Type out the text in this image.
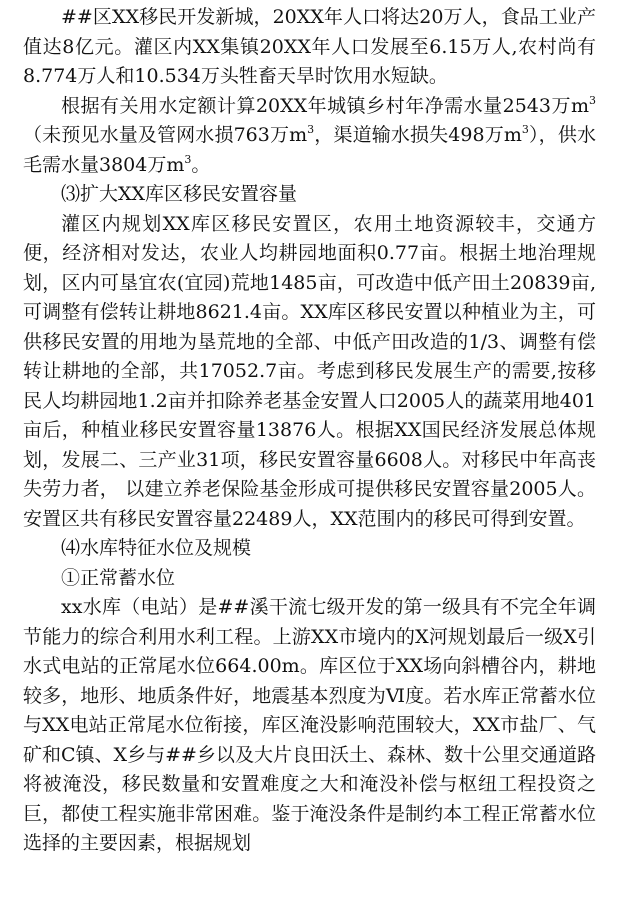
##区XX移民开发新城，20XX年人口将达20万人，食品工业产值达8亿元。灌区内XX集镇20XX年人口发展至6.15万人,农村尚有8.774万人和10.534万头牲畜天旱时饮用水短缺。

根据有关用水定额计算20XX年城镇乡村年净需水量2543万$m^3$（未预见水量及管网水损763万$m^3$，渠道输水损失498万$m^3$），供水毛需水量3804万$m^3$。

⑶扩大XX库区移民安置容量

灌区内规划XX库区移民安置区，农用土地资源较丰，交通方便，经济相对发达，农业人均耕园地面积0.77亩。根据土地治理规划，区内可垦宜农(宜园)荒地1485亩，可改造中低产田土20839亩,可调整有偿转让耕地8621.4亩。XX库区移民安置以种植业为主，可供移民安置的用地为垦荒地的全部、中低产田改造的1/3、调整有偿转让耕地的全部，共17052.7亩。考虑到移民发展生产的需要,按移民人均耕园地1.2亩并扣除养老基金安置人口2005人的蔬菜用地401亩后，种植业移民安置容量13876人。根据XX国民经济发展总体规划，发展二、三产业31项，移民安置容量6608人。对移民中年高丧失劳力者， 以建立养老保险基金形成可提供移民安置容量2005人。安置区共有移民安置容量22489人，XX范围内的移民可得到安置。

⑷水库特征水位及规模

①正常蓄水位

xx水库（电站）是##溪干流七级开发的第一级具有不完全年调节能力的综合利用水利工程。上游XX市境内的X河规划最后一级X引水式电站的正常尾水位664.00m。库区位于XX场向斜槽谷内，耕地较多，地形、地质条件好，地震基本烈度为Ⅵ度。若水库正常蓄水位与XX电站正常尾水位衔接，库区淹没影响范围较大，XX市盐厂、气矿和C镇、X乡与##乡以及大片良田沃土、森林、数十公里交通道路将被淹没，移民数量和安置难度之大和淹没补偿与枢纽工程投资之巨，都使工程实施非常困难。鉴于淹没条件是制约本工程正常蓄水位选择的主要因素，根据规划
